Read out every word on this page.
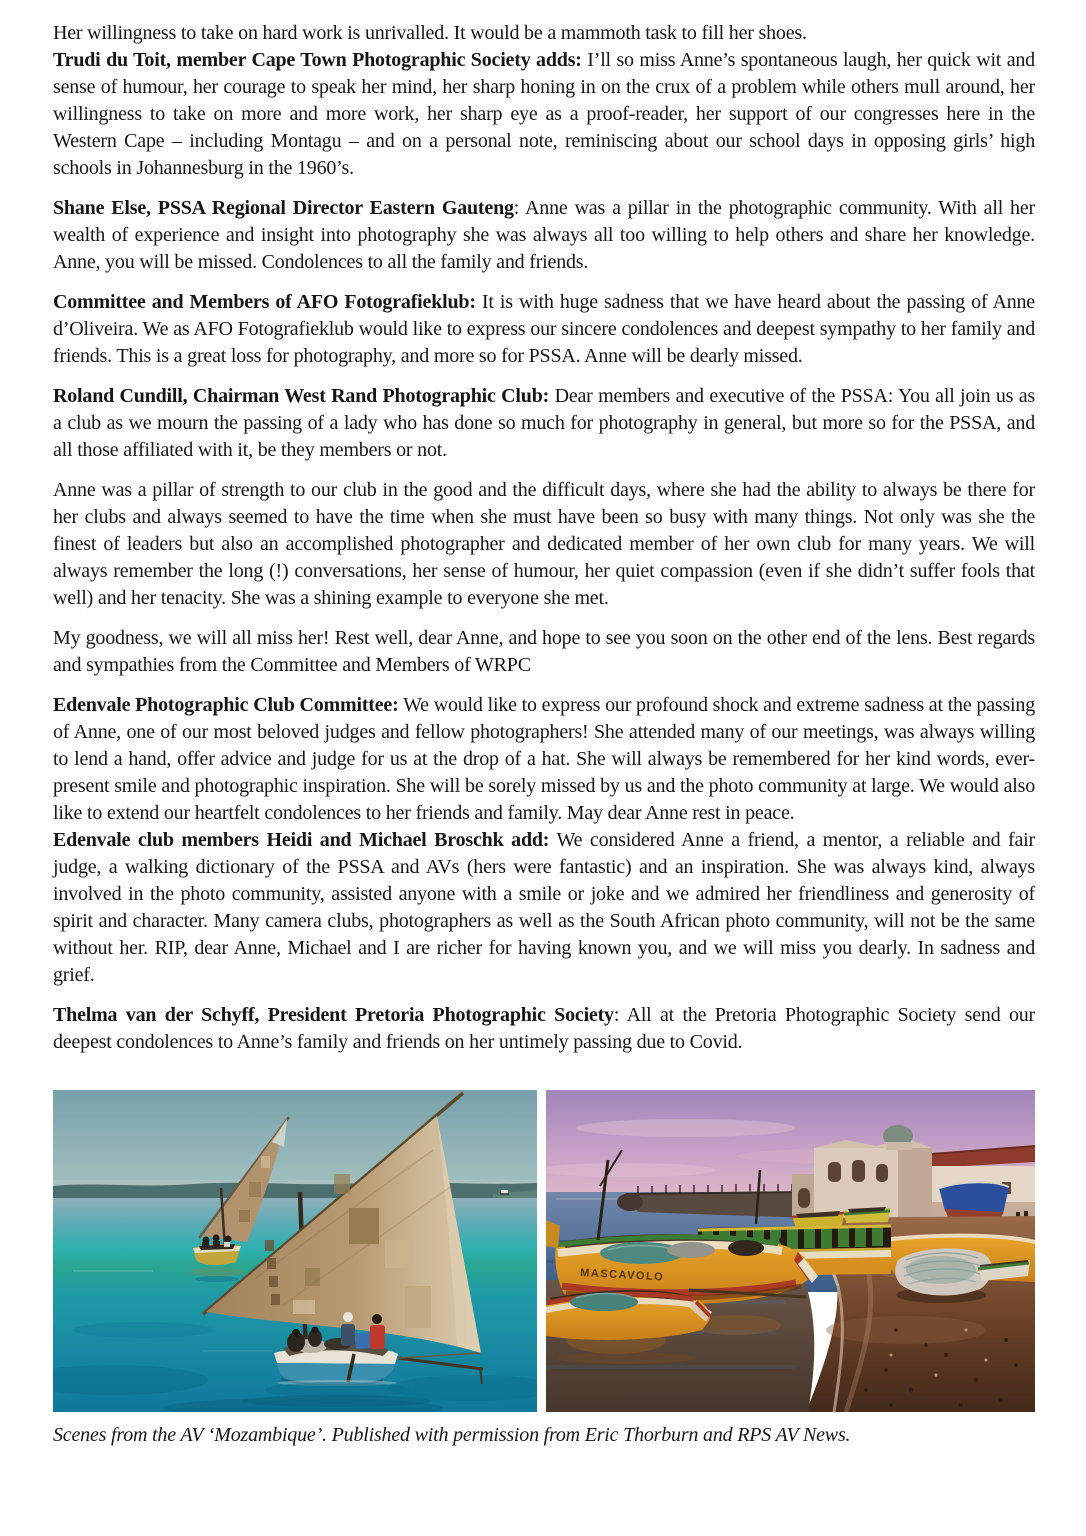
Her willingness to take on hard work is unrivalled. It would be a mammoth task to fill her shoes.

Trudi du Toit, member Cape Town Photographic Society adds: I’ll so miss Anne’s spontaneous laugh, her quick wit and sense of humour, her courage to speak her mind, her sharp honing in on the crux of a problem while others mull around, her willingness to take on more and more work, her sharp eye as a proof-reader, her support of our congresses here in the Western Cape – including Montagu – and on a personal note, reminiscing about our school days in opposing girls’ high schools in Johannesburg in the 1960’s.

Shane Else, PSSA Regional Director Eastern Gauteng: Anne was a pillar in the photographic community. With all her wealth of experience and insight into photography she was always all too willing to help others and share her knowledge. Anne, you will be missed. Condolences to all the family and friends.

Committee and Members of AFO Fotografieklub: It is with huge sadness that we have heard about the passing of Anne d’Oliveira. We as AFO Fotografieklub would like to express our sincere condolences and deepest sympathy to her family and friends. This is a great loss for photography, and more so for PSSA. Anne will be dearly missed.

Roland Cundill, Chairman West Rand Photographic Club: Dear members and executive of the PSSA: You all join us as a club as we mourn the passing of a lady who has done so much for photography in general, but more so for the PSSA, and all those affiliated with it, be they members or not.

Anne was a pillar of strength to our club in the good and the difficult days, where she had the ability to always be there for her clubs and always seemed to have the time when she must have been so busy with many things. Not only was she the finest of leaders but also an accomplished photographer and dedicated member of her own club for many years. We will always remember the long (!) conversations, her sense of humour, her quiet compassion (even if she didn’t suffer fools that well) and her tenacity. She was a shining example to everyone she met.

My goodness, we will all miss her! Rest well, dear Anne, and hope to see you soon on the other end of the lens. Best regards and sympathies from the Committee and Members of WRPC

Edenvale Photographic Club Committee: We would like to express our profound shock and extreme sadness at the passing of Anne, one of our most beloved judges and fellow photographers! She attended many of our meetings, was always willing to lend a hand, offer advice and judge for us at the drop of a hat. She will always be remembered for her kind words, ever-present smile and photographic inspiration. She will be sorely missed by us and the photo community at large. We would also like to extend our heartfelt condolences to her friends and family. May dear Anne rest in peace.

Edenvale club members Heidi and Michael Broschk add: We considered Anne a friend, a mentor, a reliable and fair judge, a walking dictionary of the PSSA and AVs (hers were fantastic) and an inspiration. She was always kind, always involved in the photo community, assisted anyone with a smile or joke and we admired her friendliness and generosity of spirit and character. Many camera clubs, photographers as well as the South African photo community, will not be the same without her. RIP, dear Anne, Michael and I are richer for having known you, and we will miss you dearly. In sadness and grief.

Thelma van der Schyff, President Pretoria Photographic Society: All at the Pretoria Photographic Society send our deepest condolences to Anne’s family and friends on her untimely passing due to Covid.

MASCAVOLO

Scenes from the AV ‘Mozambique’. Published with permission from Eric Thorburn and RPS AV News.
